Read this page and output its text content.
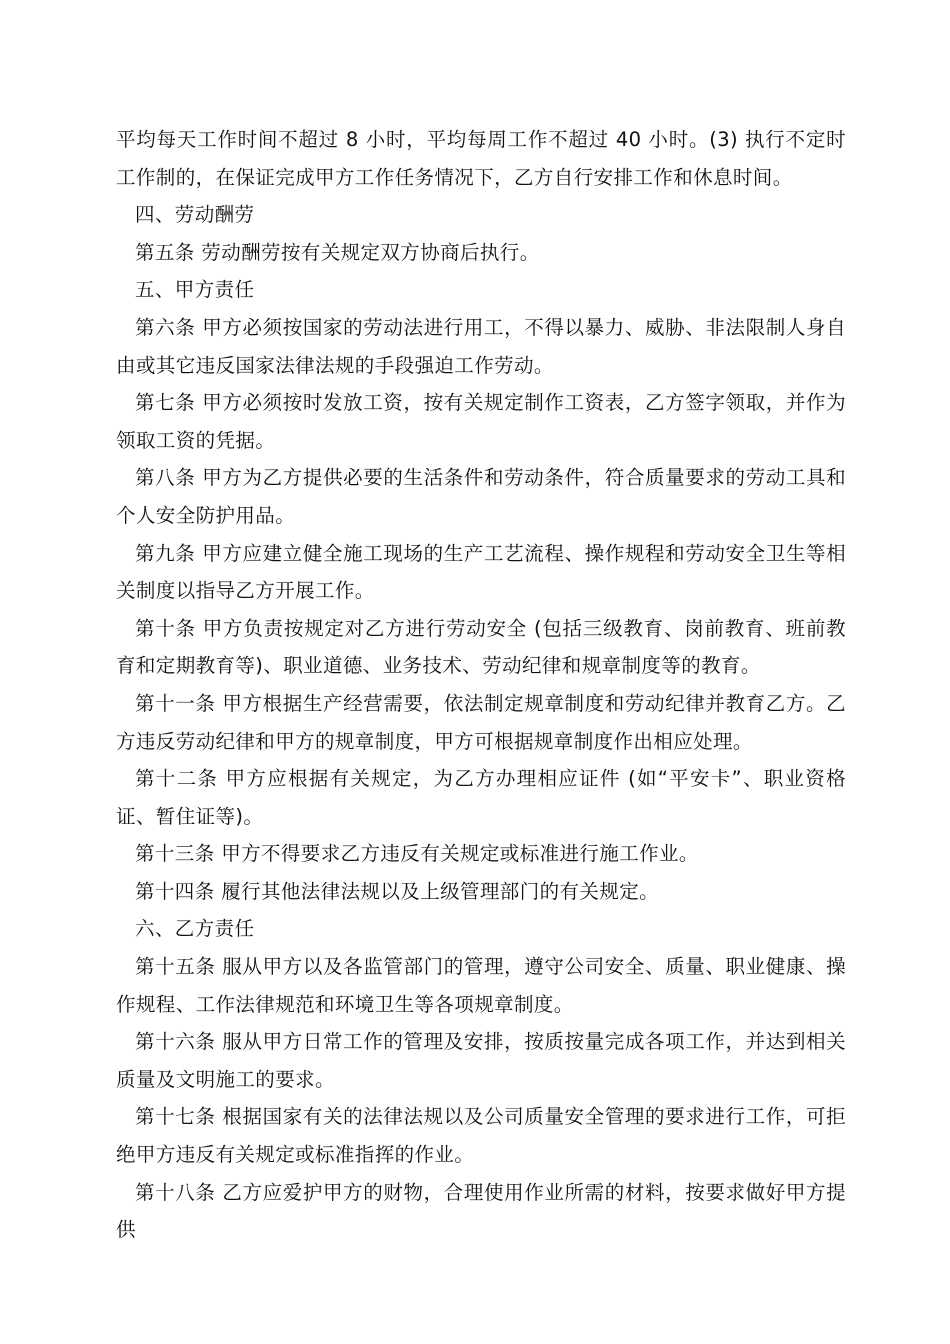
平均每天工作时间不超过 8 小时，平均每周工作不超过 40 小时。(3) 执行不定时工作制的，在保证完成甲方工作任务情况下，乙方自行安排工作和休息时间。

四、劳动酬劳

第五条 劳动酬劳按有关规定双方协商后执行。

五、甲方责任

第六条 甲方必须按国家的劳动法进行用工，不得以暴力、威胁、非法限制人身自由或其它违反国家法律法规的手段强迫工作劳动。

第七条 甲方必须按时发放工资，按有关规定制作工资表，乙方签字领取，并作为领取工资的凭据。

第八条 甲方为乙方提供必要的生活条件和劳动条件，符合质量要求的劳动工具和个人安全防护用品。

第九条 甲方应建立健全施工现场的生产工艺流程、操作规程和劳动安全卫生等相关制度以指导乙方开展工作。

第十条 甲方负责按规定对乙方进行劳动安全 (包括三级教育、岗前教育、班前教育和定期教育等)、职业道德、业务技术、劳动纪律和规章制度等的教育。

第十一条 甲方根据生产经营需要，依法制定规章制度和劳动纪律并教育乙方。乙方违反劳动纪律和甲方的规章制度，甲方可根据规章制度作出相应处理。

第十二条 甲方应根据有关规定，为乙方办理相应证件 (如“平安卡”、职业资格证、暂住证等)。

第十三条 甲方不得要求乙方违反有关规定或标准进行施工作业。

第十四条 履行其他法律法规以及上级管理部门的有关规定。

六、乙方责任

第十五条 服从甲方以及各监管部门的管理，遵守公司安全、质量、职业健康、操作规程、工作法律规范和环境卫生等各项规章制度。

第十六条 服从甲方日常工作的管理及安排，按质按量完成各项工作，并达到相关质量及文明施工的要求。

第十七条 根据国家有关的法律法规以及公司质量安全管理的要求进行工作，可拒绝甲方违反有关规定或标准指挥的作业。

第十八条 乙方应爱护甲方的财物，合理使用作业所需的材料，按要求做好甲方提供
